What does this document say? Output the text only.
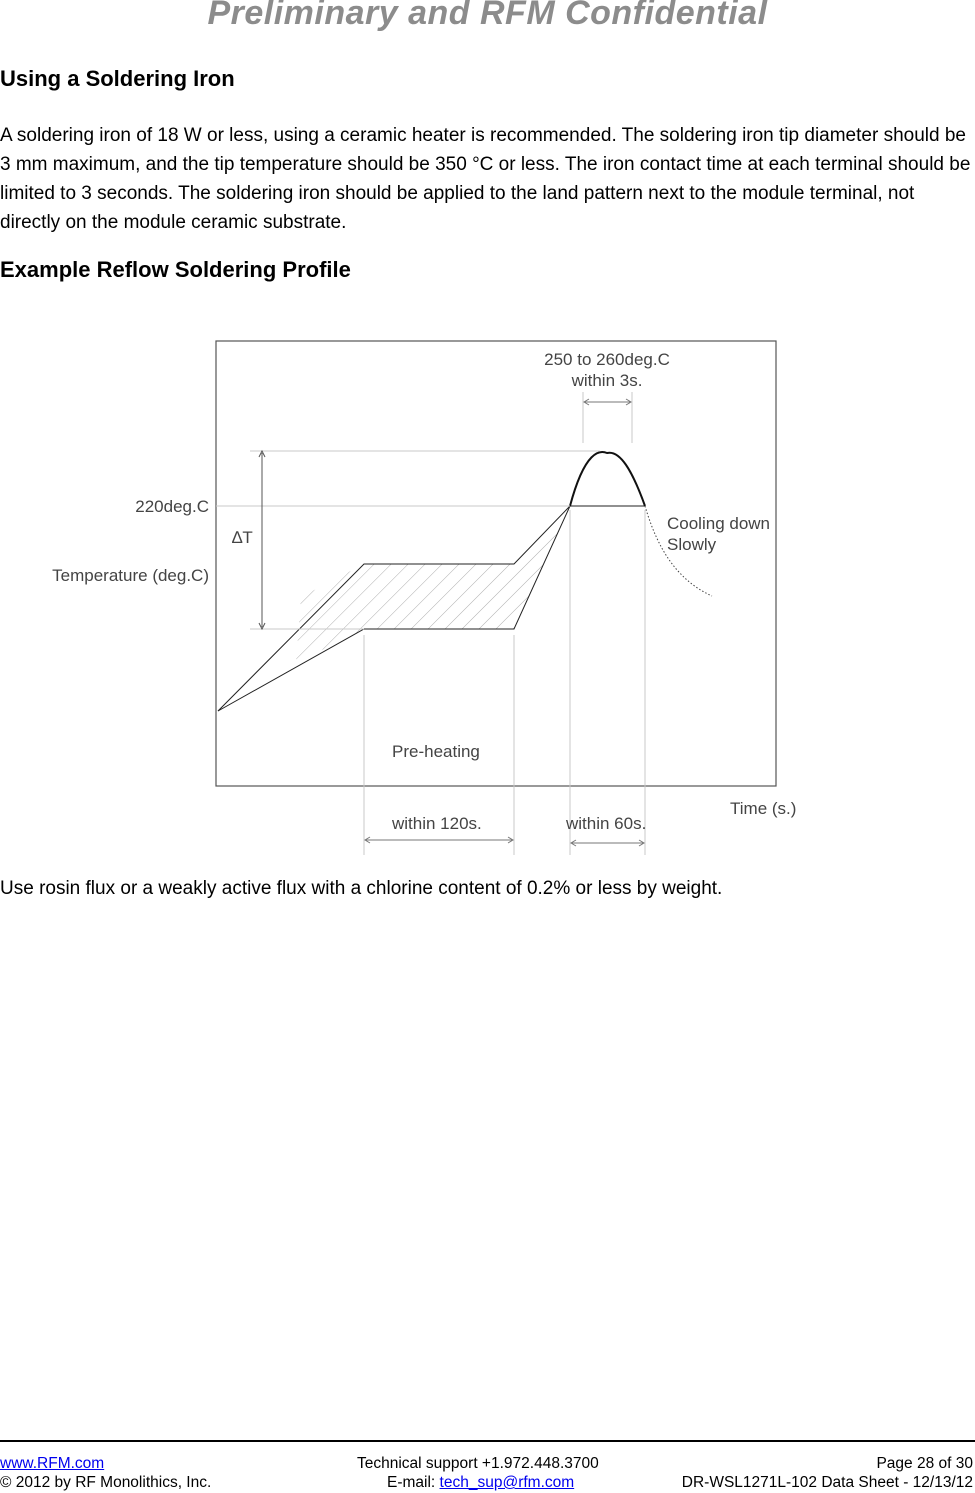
Preliminary and RFM Confidential
Using a Soldering Iron

A soldering iron of 18 W or less, using a ceramic heater is recommended. The soldering iron tip diameter should be 3 mm maximum, and the tip temperature should be 350 °C or less. The iron contact time at each terminal should be limited to 3 seconds. The soldering iron should be applied to the land pattern next to the module terminal, not directly on the module ceramic substrate.

Example Reflow Soldering Profile
250 to 260deg.C
within 3s.
220deg.C
∆T
Temperature (deg.C)
Cooling down
Slowly
Pre-heating
Time (s.)
within 120s.	within 60s.

Use rosin flux or a weakly active flux with a chlorine content of 0.2% or less by weight.

www.RFM.com
© 2012 by RF Monolithics, Inc.
Technical support +1.972.448.3700
E-mail: tech_sup@rfm.com
Page 28 of 30
DR-WSL1271L-102 Data Sheet - 12/13/12
